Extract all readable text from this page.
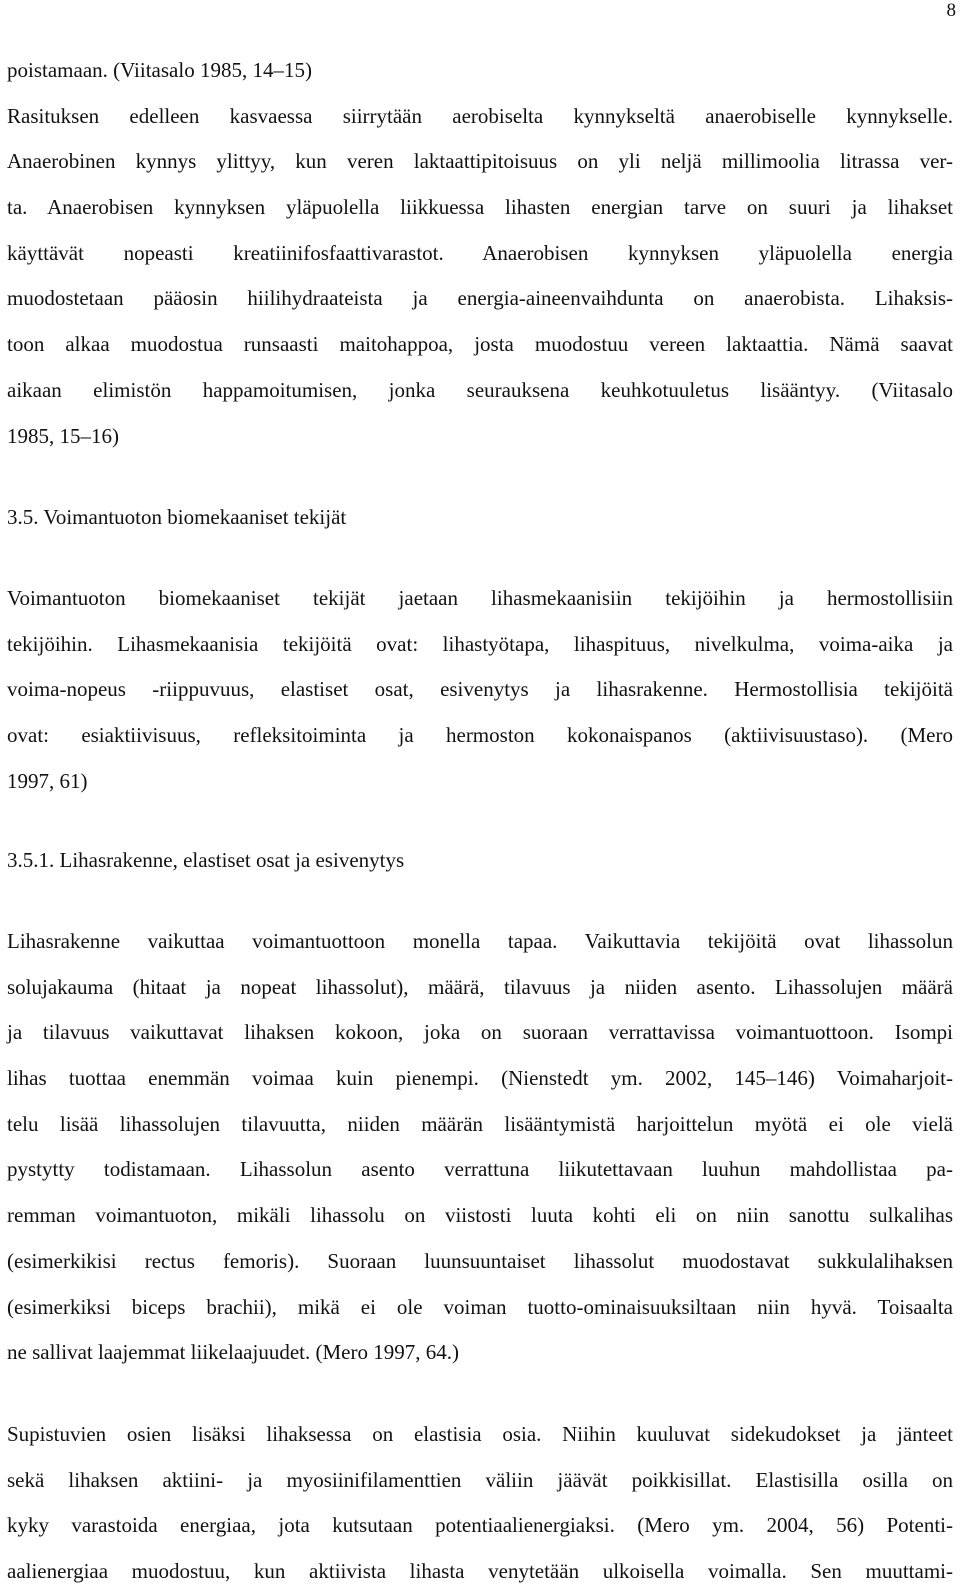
8
poistamaan. (Viitasalo 1985, 14–15)
Rasituksen edelleen kasvaessa siirrytään aerobiselta kynnykseltä anaerobiselle kynnykselle.
Anaerobinen kynnys ylittyy, kun veren laktaattipitoisuus on yli neljä millimoolia litrassa ver-
ta. Anaerobisen kynnyksen yläpuolella liikkuessa lihasten energian tarve on suuri ja lihakset
käyttävät nopeasti kreatiinifosfaattivarastot. Anaerobisen kynnyksen yläpuolella energia
muodostetaan pääosin hiilihydraateista ja energia-aineenvaihdunta on anaerobista. Lihaksis-
toon alkaa muodostua runsaasti maitohappoa, josta muodostuu vereen laktaattia. Nämä saavat
aikaan elimistön happamoitumisen, jonka seurauksena keuhkotuuletus lisääntyy. (Viitasalo
1985, 15–16)
3.5. Voimantuoton biomekaaniset tekijät
Voimantuoton biomekaaniset tekijät jaetaan lihasmekaanisiin tekijöihin ja hermostollisiin
tekijöihin. Lihasmekaanisia tekijöitä ovat: lihastyötapa, lihaspituus, nivelkulma, voima-aika ja
voima-nopeus -riippuvuus, elastiset osat, esivenytys ja lihasrakenne. Hermostollisia tekijöitä
ovat: esiaktiivisuus, refleksitoiminta ja hermoston kokonaispanos (aktiivisuustaso). (Mero
1997, 61)
3.5.1. Lihasrakenne, elastiset osat ja esivenytys
Lihasrakenne vaikuttaa voimantuottoon monella tapaa. Vaikuttavia tekijöitä ovat lihassolun
solujakauma (hitaat ja nopeat lihassolut), määrä, tilavuus ja niiden asento. Lihassolujen määrä
ja tilavuus vaikuttavat lihaksen kokoon, joka on suoraan verrattavissa voimantuottoon. Isompi
lihas tuottaa enemmän voimaa kuin pienempi. (Nienstedt ym. 2002, 145–146) Voimaharjoit-
telu lisää lihassolujen tilavuutta, niiden määrän lisääntymistä harjoittelun myötä ei ole vielä
pystytty todistamaan. Lihassolun asento verrattuna liikutettavaan luuhun mahdollistaa pa-
remman voimantuoton, mikäli lihassolu on viistosti luuta kohti eli on niin sanottu sulkalihas
(esimerkikisi rectus femoris). Suoraan luunsuuntaiset lihassolut muodostavat sukkulalihaksen
(esimerkiksi biceps brachii), mikä ei ole voiman tuotto-ominaisuuksiltaan niin hyvä. Toisaalta
ne sallivat laajemmat liikelaajuudet. (Mero 1997, 64.)
Supistuvien osien lisäksi lihaksessa on elastisia osia. Niihin kuuluvat sidekudokset ja jänteet
sekä lihaksen aktiini- ja myosiinifilamenttien väliin jäävät poikkisillat. Elastisilla osilla on
kyky varastoida energiaa, jota kutsutaan potentiaalienergiaksi. (Mero ym. 2004, 56) Potenti-
aalienergiaa muodostuu, kun aktiivista lihasta venytetään ulkoisella voimalla. Sen muuttami-
